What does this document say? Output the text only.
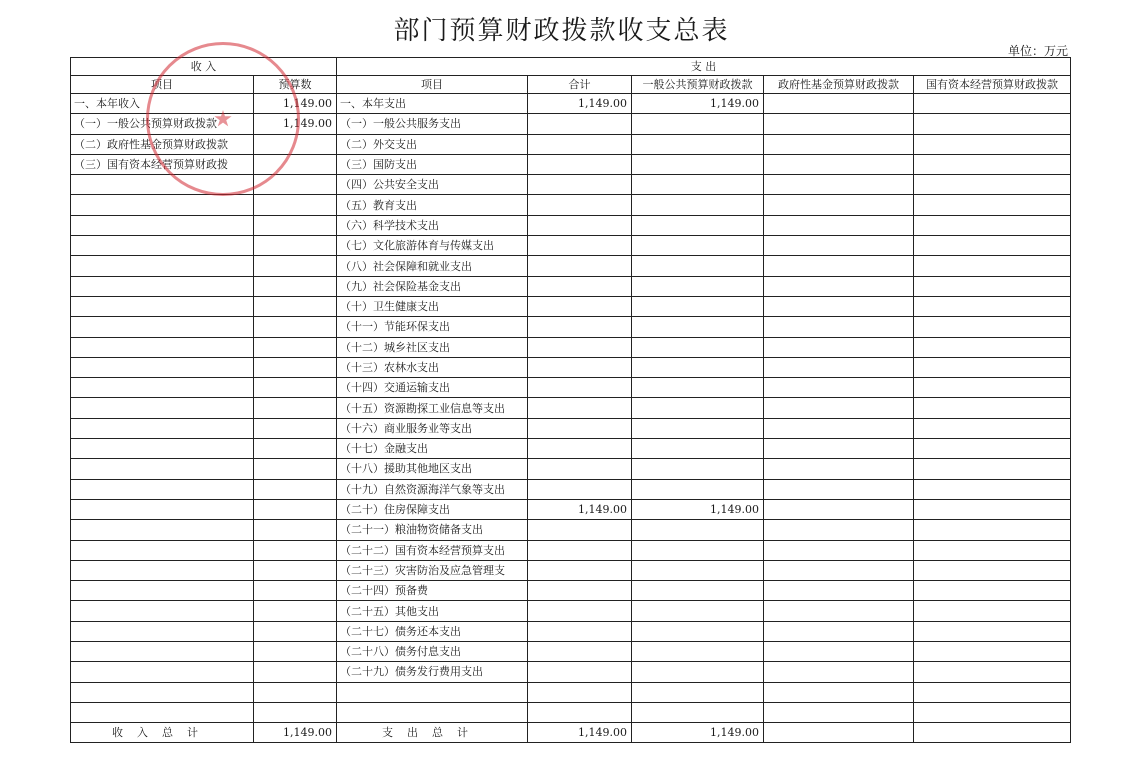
部门预算财政拨款收支总表
单位：万元
收 入		支 出				
项目	预算数	项目	合计	一般公共预算财政拨款	政府性基金预算财政拨款	国有资本经营预算财政拨款
一、本年收入	1,149.00	一、本年支出	1,149.00	1,149.00		
（一）一般公共预算财政拨款	1,149.00	（一）一般公共服务支出				
（二）政府性基金预算财政拨款		（二）外交支出				
（三）国有资本经营预算财政拨		（三）国防支出				
		（四）公共安全支出				
		（五）教育支出				
		（六）科学技术支出				
		（七）文化旅游体育与传媒支出				
		（八）社会保障和就业支出				
		（九）社会保险基金支出				
		（十）卫生健康支出				
		（十一）节能环保支出				
		（十二）城乡社区支出				
		（十三）农林水支出				
		（十四）交通运输支出				
		（十五）资源勘探工业信息等支出				
		（十六）商业服务业等支出				
		（十七）金融支出				
		（十八）援助其他地区支出				
		（十九）自然资源海洋气象等支出				
		（二十）住房保障支出	1,149.00	1,149.00		
		（二十一）粮油物资储备支出				
		（二十二）国有资本经营预算支出				
		（二十三）灾害防治及应急管理支				
		（二十四）预备费				
		（二十五）其他支出				
		（二十七）债务还本支出				
		（二十八）债务付息支出				
		（二十九）债务发行费用支出				

收入总计	1,149.00	支出总计	1,149.00	1,149.00		
